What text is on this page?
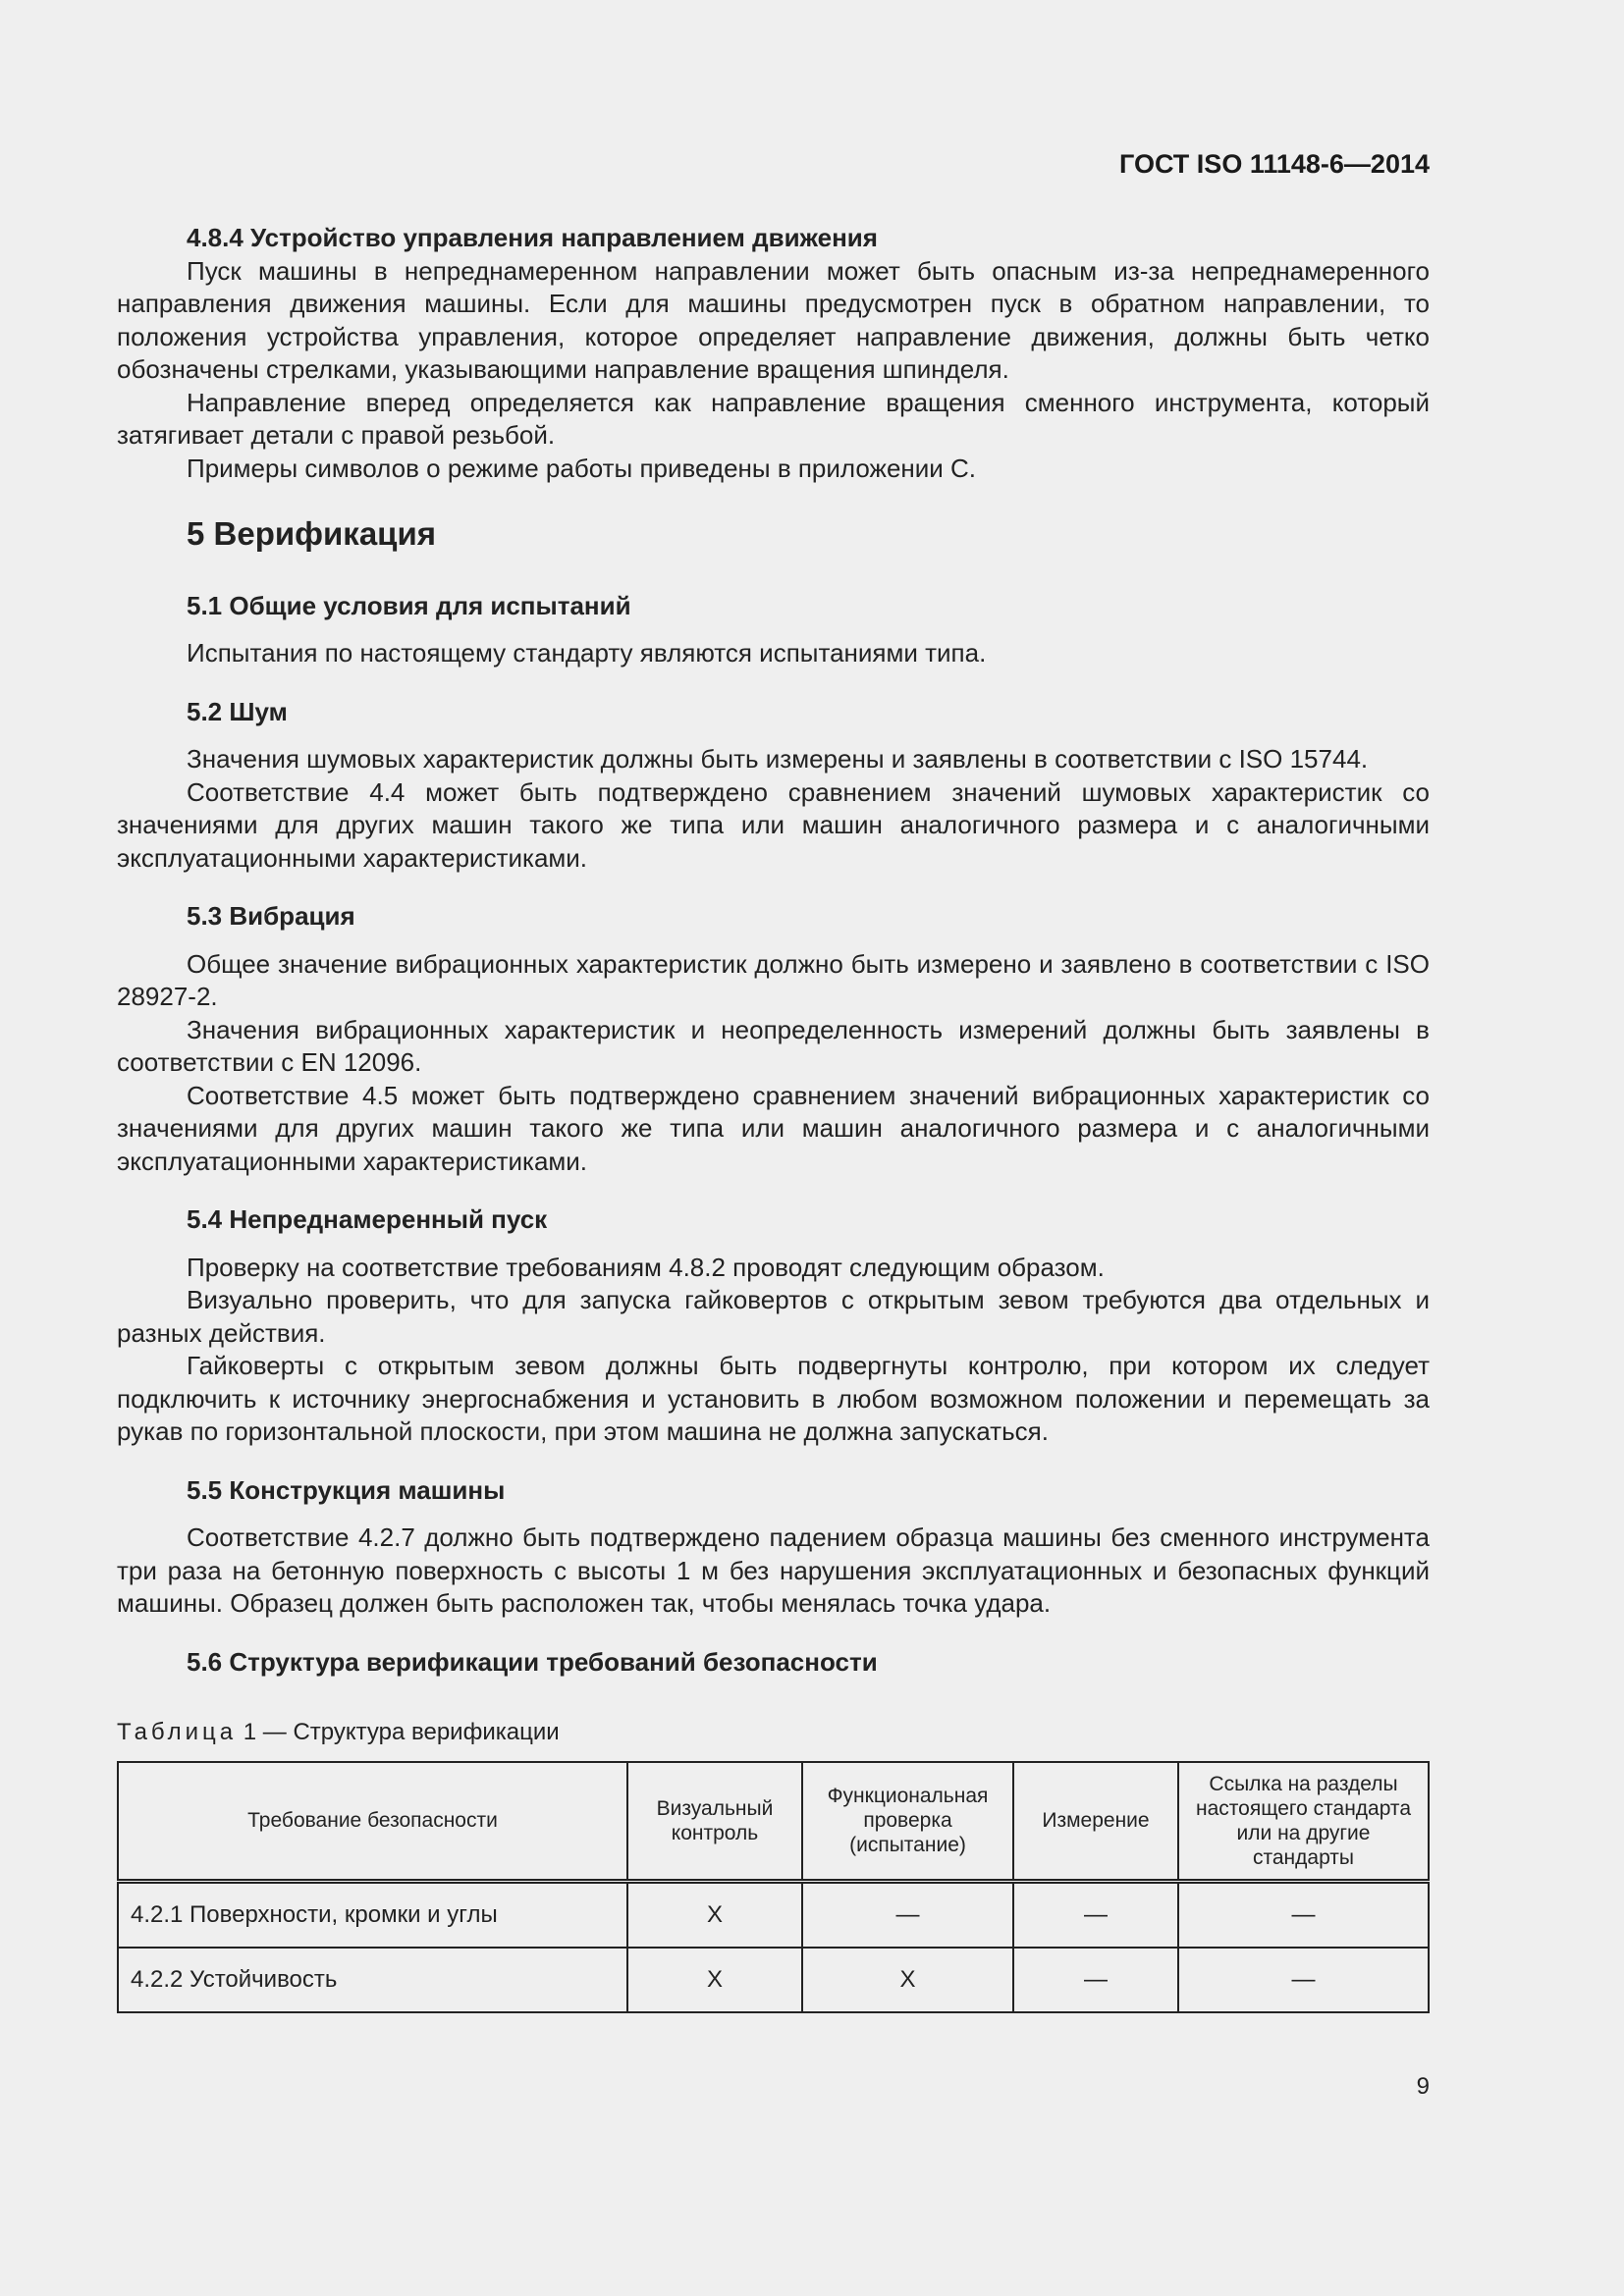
ГОСТ ISO 11148-6—2014
4.8.4 Устройство управления направлением движения

Пуск машины в непреднамеренном направлении может быть опасным из-за непреднамеренного направления движения машины. Если для машины предусмотрен пуск в обратном направлении, то положения устройства управления, которое определяет направление движения, должны быть четко обозначены стрелками, указывающими направление вращения шпинделя.

Направление вперед определяется как направление вращения сменного инструмента, который затягивает детали с правой резьбой.

Примеры символов о режиме работы приведены в приложении С.

5 Верификация
5.1 Общие условия для испытаний

Испытания по настоящему стандарту являются испытаниями типа.

5.2 Шум

Значения шумовых характеристик должны быть измерены и заявлены в соответствии с ISO 15744.

Соответствие 4.4 может быть подтверждено сравнением значений шумовых характеристик со значениями для других машин такого же типа или машин аналогичного размера и с аналогичными эксплуатационными характеристиками.

5.3 Вибрация

Общее значение вибрационных характеристик должно быть измерено и заявлено в соответствии с ISO 28927-2.

Значения вибрационных характеристик и неопределенность измерений должны быть заявлены в соответствии с EN 12096.

Соответствие 4.5 может быть подтверждено сравнением значений вибрационных характеристик со значениями для других машин такого же типа или машин аналогичного размера и с аналогичными эксплуатационными характеристиками.

5.4 Непреднамеренный пуск

Проверку на соответствие требованиям 4.8.2 проводят следующим образом.

Визуально проверить, что для запуска гайковертов с открытым зевом требуются два отдельных и разных действия.

Гайковерты с открытым зевом должны быть подвергнуты контролю, при котором их следует подключить к источнику энергоснабжения и установить в любом возможном положении и перемещать за рукав по горизонтальной плоскости, при этом машина не должна запускаться.

5.5 Конструкция машины

Соответствие 4.2.7 должно быть подтверждено падением образца машины без сменного инструмента три раза на бетонную поверхность с высоты 1 м без нарушения эксплуатационных и безопасных функций машины. Образец должен быть расположен так, чтобы менялась точка удара.

5.6 Структура верификации требований безопасности
Таблица 1 — Структура верификации
Требование безопасности	Визуальный контроль	Функциональная проверка (испытание)	Измерение	Ссылка на разделы настоящего стандарта или на другие стандарты
4.2.1 Поверхности, кромки и углы	X	—	—	—
4.2.2 Устойчивость	X	X	—	—
9
